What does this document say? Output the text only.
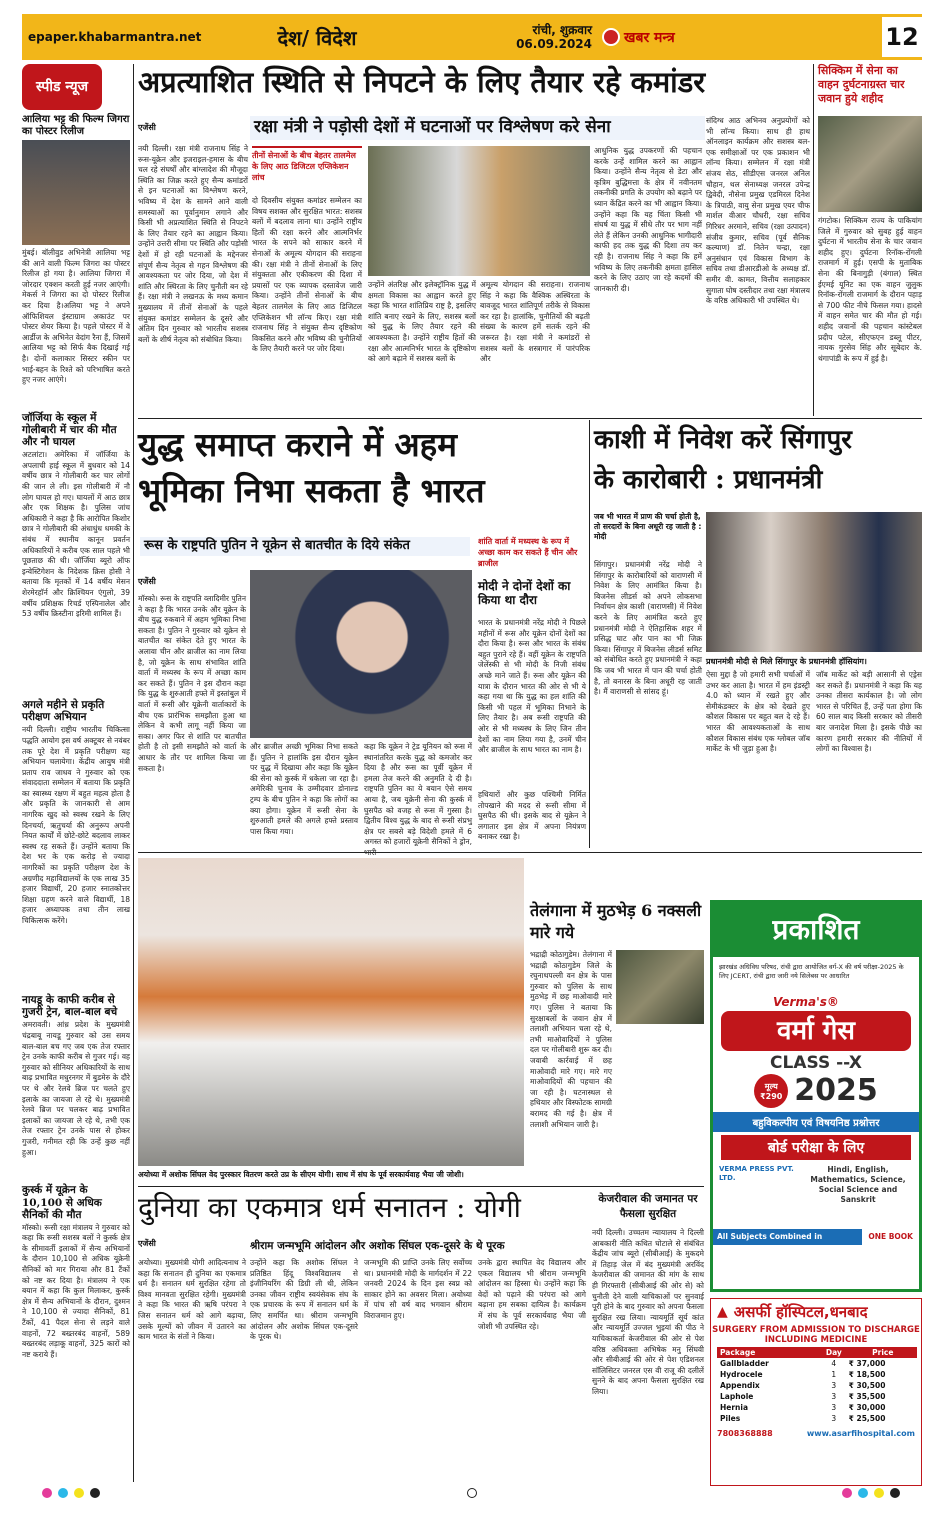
epaper.khabarmantra.net	देश/ विदेश	रांची, शुक्रवार
06.09.2024 खबर मन्त्र	12
स्पीड न्यूज
आलिया भट्ट की फिल्म जिगरा का पोस्टर रिलीज
मुंबई। बॉलीवुड अभिनेत्री आलिया भट्ट की आने वाली फिल्म जिगरा का पोस्टर रिलीज हो गया है। आलिया जिगरा में जोरदार एक्शन करती हुई नजर आएंगी। मेकर्स ने जिगरा का दो पोस्टर रिलीज कर दिया है।अलिया भट्ट ने अपने ऑफिशियल इंस्टाग्राम अकाउंट पर पोस्टर शेयर किया है। पहले पोस्टर में वे आर्डीज के अभिनेत वेदांग रैना हैं, जिसमें आलिया भट्ट को सिर्फ बैक दिखाई गई है। दोनों कलाकार सिस्टर स्कीन पर भाई-बहन के रिश्ते को परिभाषित करते हुए नजर आएंगे।
जॉर्जिया के स्कूल में गोलीबारी में चार की मौत और नौ घायल
अटलांटा। अमेरिका में जॉर्जिया के अपलाची हाई स्कूल में बुधवार को 14 वर्षीय छात्र ने गोलीबारी कर चार लोगों की जान ले ली। इस गोलीबारी में नौ लोग घायल हो गए। घायलों में आठ छात्र और एक शिक्षक है। पुलिस जांच अधिकारी ने कहा है कि आरोपित किशोर छात्र ने गोलीबारी की अंधाधुंध धमकी के संबंध में स्थानीय कानून प्रवर्तन अधिकारियों ने करीब एक साल पहले भी पूछताछ की थी। जॉर्जिया ब्यूरो ऑफ इन्वेस्टिगेशन के निदेशक क्रिस होसी ने बताया कि मृतकों में 14 वर्षीय मेसन शेरमेरहॉर्न और क्रिश्चियन एंगुलो, 39 वर्षीय प्रशिक्षक रिचर्ड एस्पिनालेल और 53 वर्षीय क्रिस्टीना इरिमी शामिल हैं।
अगले महीने से प्रकृति परीक्षण अभियान
नयी दिल्ली। राष्ट्रीय भारतीय चिकित्सा पद्धति आयोग इस वर्ष अक्टूबर से नवंबर तक पूरे देश में प्रकृति परीक्षण यह अभियान चलायेगा। केंद्रीय आयुष मंत्री प्रताप राव जाधव ने गुरुवार को एक संवाददाता सम्मेलन में बताया कि प्रकृति का स्वास्थ्य रक्षण में बहुत महत्व होता है और प्रकृति के जानकारी से आम नागरिक खुद को स्वस्थ रखने के लिए दिनचर्या, ऋतुचर्या की अनुरूप अपनी नियत कार्यों में छोटे-छोटे बदलाव लाकर स्वस्थ रह सकते हैं। उन्होंने बताया कि देश भर के एक करोड़ से ज्यादा नागरिकों का प्रकृति परीक्षण देश के अग्रणीद महाविद्यालयों के एक लाख 35 हजार विद्यार्थी, 20 हजार स्नातकोत्तर शिक्षा ग्रहण करने वाले विद्यार्थी, 18 हजार अध्यापक तथा तीन लाख चिकित्सक करेंगे।
नायडू के काफी करीब से गुजरी ट्रेन, बाल-बाल बचे
अमरावती। आंध्र प्रदेश के मुख्यमंत्री चंद्रबाबू नायडू गुरुवार को उस समय बाल-बाल बच गए जब एक तेज रफ्तार ट्रेन उनके काफी करीब से गुजर गई। वह गुरुवार को सीनियर अधिकारियों के साथ बाढ़ प्रभावित मधुरनगर में बुडमेरु के दौरे पर थे और रेलवे ब्रिज पर चलते हुए इलाके का जायजा ले रहे थे। मुख्यमंत्री रेलवे ब्रिज पर चलकर बाढ़ प्रभावित इलाकों का जायजा ले रहे थे, तभी एक तेज रफ्तार ट्रेन उनके पास से होकर गुजरी, गनीमत रही कि उन्हें कुछ नहीं हुआ।
कुर्स्क में यूक्रेन के 10,100 से अधिक सैनिकों की मौत
मॉस्को। रूसी रक्षा मंत्रालय ने गुरुवार को कहा कि रूसी सशस्त्र बलों ने कुर्स्क क्षेत्र के सीमावर्ती इलाकों में सैन्य अभियानों के दौरान 10,100 से अधिक यूक्रेनी सैनिकों को मार गिराया और 81 टैंकों को नष्ट कर दिया है। मंत्रालय ने एक बयान में कहा कि कुल मिलाकर, कुर्स्क क्षेत्र में सैन्य अभियानों के दौरान, दुश्मन ने 10,100 से ज्यादा सैनिकों, 81 टैंकों, 41 पैदल सेना से लड़ने वाले वाहनों, 72 बख्तरबंद वाहनों, 589 बख्तरबंद लड़ाकू वाहनों, 325 कारों को नष्ट कराये हैं।
अप्रत्याशित स्थिति से निपटने के लिए तैयार रहे कमांडर
रक्षा मंत्री ने पड़ोसी देशों में घटनाओं पर विश्लेषण करे सेना
एजेंसी
नयी दिल्ली। रक्षा मंत्री राजनाथ सिंह ने रूस-यूक्रेन और इजराइल-हमास के बीच चल रहे संघर्षों और बांग्लादेश की मौजूदा स्थिति का जिक्र करते हुए सैन्य कमांडरों से इन घटनाओं का विश्लेषण करने, भविष्य में देश के सामने आने वाली समस्याओं का पूर्वानुमान लगाने और किसी भी अप्रत्याशित स्थिति से निपटने के लिए तैयार रहने का आह्वान किया। उन्होंने उत्तरी सीमा पर स्थिति और पड़ोसी देशों में हो रही घटनाओं के मद्देनजर संपूर्ण सैन्य नेतृत्व से गहन विश्लेषण की आवश्यकता पर जोर दिया, जो देश में शांति और स्थिरता के लिए चुनौती बन रहे हैं। रक्षा मंत्री ने लखनऊ के मध्य कमान मुख्यालय में तीनों सेनाओं के पहले संयुक्त कमांडर सम्मेलन के दूसरे और अंतिम दिन गुरुवार को भारतीय सशस्त्र बलों के शीर्ष नेतृत्व को संबोधित किया।
तीनों सेनाओं के बीच बेहतर तालमेल के लिए आठ डिजिटल एप्लिकेशन लांच
दो दिवसीय संयुक्त कमांडर सम्मेलन का विषय सशक्त और सुरक्षित भारत: सशस्त्र बलों में बदलाव लाना था। उन्होंने राष्ट्रीय हितों की रक्षा करने और आत्मनिर्भर भारत के सपने को साकार करने में सेनाओं के अमूल्य योगदान की सराहना की। रक्षा मंत्री ने तीनों सेनाओं के लिए संयुक्तता और एकीकरण की दिशा में प्रयासों पर एक व्यापक दस्तावेज जारी किया। उन्होंने तीनों सेनाओं के बीच बेहतर तालमेल के लिए आठ डिजिटल एप्लिकेशन भी लॉन्च किए। रक्षा मंत्री राजनाथ सिंह ने संयुक्त सैन्य दृष्टिकोण विकसित करने और भविष्य की चुनौतियों के लिए तैयारी करने पर जोर दिया।
उन्होंने अंतरिक्ष और इलेक्ट्रॉनिक युद्ध में क्षमता विकास का आह्वान करते हुए कहा कि भारत शांतिप्रिय राष्ट्र है, इसलिए शांति बनाए रखने के लिए, सशस्त्र बलों को युद्ध के लिए तैयार रहने की आवश्यकता है। उन्होंने राष्ट्रीय हितों की रक्षा और आत्मनिर्भर भारत के दृष्टिकोण को आगे बढ़ाने में सशस्त्र बलों के
अमूल्य योगदान की सराहना। राजनाथ सिंह ने कहा कि वैश्विक अस्थिरता के बावजूद भारत शांतिपूर्ण तरीके से विकास कर रहा है। हालांकि, चुनौतियों की बढ़ती संख्या के कारण हमें सतर्क रहने की जरूरत है। रक्षा मंत्री ने कमांडरों से सशस्त्र बलों के शस्त्रागार में पारंपरिक और
आधुनिक युद्ध उपकरणों की पहचान करके उन्हें शामिल करने का आह्वान किया। उन्होंने सैन्य नेतृत्व से डेटा और कृत्रिम बुद्धिमत्ता के क्षेत्र में नवीनतम तकनीकी प्रगति के उपयोग को बढ़ाने पर ध्यान केंद्रित करने का भी आह्वान किया। उन्होंने कहा कि यह चिंता किसी भी संघर्ष या युद्ध में सीधे तौर पर भाग नहीं लेते हैं लेकिन उनकी आधुनिक भागीदारी काफी हद तक युद्ध की दिशा तय कर रही है। राजनाथ सिंह ने कहा कि हमें भविष्य के लिए तकनीकी क्षमता हासिल करने के लिए उठाए जा रहे कदमों की जानकारी दी।
संदिग्ध आठ अभिनव अनुप्रयोगों को भी लॉन्च किया। साथ ही हाथ ऑनलाइन कार्यक्रम और सशस्त्र बल-एक समीक्षाओं पर एक प्रकाशन भी लॉन्च किया। सम्मेलन में रक्षा मंत्री संजय सेठ, सीडीएस जनरल अनिल चौहान, थल सेनाध्यक्ष जनरल उपेन्द्र द्विवेदी, नौसेना प्रमुख एडमिरल दिनेश के त्रिपाठी, वायु सेना प्रमुख एयर चीफ मार्शल वीआर चौधरी, रक्षा सचिव गिरिधर अरमाने, सचिव (रक्षा उत्पादन) संजीव कुमार, सचिव (पूर्व सैनिक कल्याण) डॉ. नितेन चन्द्रा, रक्षा अनुसंधान एवं विकास विभाग के सचिव तथा डीआरडीओ के अध्यक्ष डॉ. समीर वी. कामत, वित्तीय सलाहकार सुगाता घोष दस्तीदार तथा रक्षा मंत्रालय के वरिष्ठ अधिकारी भी उपस्थित थे।
सिक्किम में सेना का वाहन दुर्घटनाग्रस्त चार जवान हुये शहीद
गंगटोक। सिक्किम राज्य के पाकियांग जिले में गुरुवार को सुबह हुई वाहन दुर्घटना में भारतीय सेना के चार जवान शहीद हुए। दुर्घटना रिनॉक-रोंगली राजमार्ग में हुई। एसपी के मुताबिक सेना की बिनागुड़ी (बंगाल) स्थित ईएमई यूनिट का एक वाहन जुलुक रिनॉक-रोंगली राजमार्ग के दौरान पहाड़ से 700 फीट नीचे फिसल गया। हादसे में वाहन समेत चार की मौत हो गई। शहीद जवानों की पहचान कांस्टेबल प्रदीप पटेल, सीएफएन डब्लू पीटर, नायक गुरसेव सिंह और सूबेदार के. थंगापांडी के रूप में हुई है।
युद्ध समाप्त कराने में अहम
भूमिका निभा सकता है भारत
रूस के राष्ट्रपति पुतिन ने यूक्रेन से बातचीत के दिये संकेत
एजेंसी
मॉस्को। रूस के राष्ट्रपति व्लादिमीर पुतिन ने कहा है कि भारत उनके और यूक्रेन के बीच युद्ध रुकवाने में अहम भूमिका निभा सकता है। पुतिन ने गुरुवार को यूक्रेन से बातचीत का संकेत देते हुए भारत के अलावा चीन और ब्राजील का नाम लिया है, जो यूक्रेन के साथ संभावित शांति वार्ता में मध्यस्थ के रूप में अच्छा काम कर सकते हैं। पुतिन ने इस दौरान कहा कि युद्ध के शुरुआती हफ्ते में इस्तांबुल में वार्ता में रूसी और यूक्रेनी वार्ताकारों के बीच एक प्रारंभिक समझौता हुआ था लेकिन वे कभी लागू नहीं किया जा सका। अगर फिर से शांति पर बातचीत होती है तो इसी समझौते को वार्ता के आधार के तौर पर शामिल किया जा सकता है।
और ब्राजील अच्छी भूमिका निभा सकते हैं। पुतिन ने हालांकि इस दौरान यूक्रेन पर युद्ध में दिखाया और कहा कि यूक्रेन की सेना को कुर्स्क में धकेला जा रहा है। अमेरिकी चुनाव के उम्मीदवार डोनाल्ड ट्रम्प के बीच पुतिन ने कहा कि लोगों का क्या होगा। यूक्रेन में रूसी सेना के शुरुआती हमले की अगले हफ्ते प्रस्ताव पास किया गया।
कहा कि यूक्रेन ने ट्रेड यूनियन को रूस में स्थानांतरित करके युद्ध को कमजोर कर दिया है और रूस का पूर्वी यूक्रेन में हमला तेज करने की अनुमति दे दी है। राष्ट्रपति पुतिन का ये बयान ऐसे समय आया है, जब यूक्रेनी सेना की कुर्स्क में घुसपैठ को वजह से रूस में गुस्सा है। द्वितीय विश्व युद्ध के बाद से रूसी संप्रभु क्षेत्र पर सबसे बड़े विदेशी हमले में 6 अगस्त को हजारों यूक्रेनी सैनिकों ने ड्रोन,
शांति वार्ता में मध्यस्थ के रूप में अच्छा काम कर सकते हैं चीन और ब्राजील
मोदी ने दोनों देशों का किया था दौरा
भारत के प्रधानमंत्री नरेंद्र मोदी ने पिछले महीनों में रूस और यूक्रेन दोनों देशों का दौरा किया है। रूस और भारत के संबंध बहुत पुराने रहे हैं। वहीं यूक्रेन के राष्ट्रपति जेलेंस्की से भी मोदी के निजी संबंध अच्छे माने जाते हैं। रूस और यूक्रेन की यात्रा के दौरान भारत की ओर से भी ये कहा गया था कि युद्ध का हल शांति की किसी भी पहल में भूमिका निभाने के लिए तैयार है। अब रूसी राष्ट्रपति की ओर से भी मध्यस्थ के लिए जिन तीन देशों का नाम लिया गया है, उनमें चीन और ब्राजील के साथ भारत का नाम है।
हथियारों और कुछ पश्चिमी निर्मित तोपखाने की मदद से रूसी सीमा में घुसपैठ की थी। इसके बाद से यूक्रेन ने लगातार इस क्षेत्र में अपना नियंत्रण बनाकर रखा है।
काशी में निवेश करें सिंगापुर
के कारोबारी : प्रधानमंत्री
जब भी भारत में प्राण की चर्चा होती है, तो सरदारों के बिना अधूरी रह जाती है : मोदी
सिंगापुर। प्रधानमंत्री नरेंद्र मोदी ने सिंगापुर के कारोबारियों को वाराणसी में निवेश के लिए आमंत्रित किया है। बिजनेस लीडर्स को अपने लोकसभा निर्वाचन क्षेत्र काशी (वाराणसी) में निवेश करने के लिए आमंत्रित करते हुए प्रधानमंत्री मोदी ने ऐतिहासिक शहर में प्रसिद्ध घाट और पान का भी जिक्र किया। सिंगापुर में बिजनेस लीडर्स समिट को संबोधित करते हुए प्रधानमंत्री ने कहा कि जब भी भारत में पान की चर्चा होती है, तो बनारस के बिना अधूरी रह जाती है। मैं वाराणसी से सांसद हूं।
प्रधानमंत्री मोदी से मिले सिंगापुर के प्रधानमंत्री हॉसियांग।
ऐसा मुद्दा है जो हमारी सभी चर्चाओं में उभर कर आता है। भारत में हम इंडस्ट्री 4.0 को ध्यान में रखते हुए और सेमीकंडक्टर के क्षेत्र को देखते हुए कौशल विकास पर बहुत बल दे रहे हैं। भारत की आवश्यकताओं के साथ कौशल विकास संबंध एक ग्लोबल जॉब मार्केट के भी जुड़ा हुआ है।
जॉब मार्केट को बड़ी आसानी से एड्रेस कर सकते हैं। प्रधानमंत्री ने कहा कि यह उनका तीसरा कार्यकाल है। जो लोग भारत से परिचित हैं, उन्हें पता होगा कि 60 साल बाद किसी सरकार को तीसरी बार जनादेश मिला है। इसके पीछे का कारण हमारी सरकार की नीतियों में लोगों का विश्वास है।
अयोध्या में अशोक सिंघल वेद पुरस्कार वितरण करते उप्र के सीएम योगी। साथ में संघ के पूर्व सरकार्यवाह भैया जी जोशी।
तेलंगाना में मुठभेड़ 6 नक्सली मारे गये
भद्राद्री कोठागुडेम। तेलंगाना में भद्राद्री कोठागुडेम जिले के रघुनाथपल्ली वन क्षेत्र के पास गुरुवार को पुलिस के साथ मुठभेड़ में छह माओवादी मारे गए। पुलिस ने बताया कि सुरक्षाबलों के जवान क्षेत्र में तलाशी अभियान चला रहे थे, तभी माओवादियों ने पुलिस दल पर गोलीबारी शुरू कर दी। जवाबी कार्रवाई में छह माओवादी मारे गए। मारे गए माओवादियों की पहचान की जा रही है। घटनास्थल से हथियार और विस्फोटक सामग्री बरामद की गई है। क्षेत्र में तलाशी अभियान जारी है।
दुनिया का एकमात्र धर्म सनातन : योगी
एजेंसी	श्रीराम जन्मभूमि आंदोलन और अशोक सिंघल एक-दूसरे के थे पूरक
अयोध्या। मुख्यमंत्री योगी आदित्यनाथ ने कहा कि सनातन ही दुनिया का एकमात्र धर्म है। सनातन धर्म सुरक्षित रहेगा तो विश्व मानवता सुरक्षित रहेगी। मुख्यमंत्री ने कहा कि भारत की ऋषि परंपरा ने जिस सनातन धर्म को आगे बढ़ाया, उसके मूल्यों को जीवन में उतारने का काम भारत के संतों ने किया।
उन्होंने कहा कि अशोक सिंघल ने प्रतिष्ठित हिंदू विश्वविद्यालय से इंजीनियरिंग की डिग्री ली थी, लेकिन उनका जीवन राष्ट्रीय स्वयंसेवक संघ के एक प्रचारक के रूप में सनातन धर्म के लिए समर्पित था। श्रीराम जन्मभूमि आंदोलन और अशोक सिंघल एक-दूसरे के पूरक थे।
जन्मभूमि की प्राप्ति उनके लिए सर्वोच्च था। प्रधानमंत्री मोदी के मार्गदर्शन में 22 जनवरी 2024 के दिन इस स्वप्न को साकार होने का अवसर मिला। अयोध्या में पांच सौ वर्ष बाद भगवान श्रीराम विराजमान हुए।
उनके द्वारा स्थापित वेद विद्यालय और एकल विद्यालय भी श्रीराम जन्मभूमि आंदोलन का हिस्सा थे। उन्होंने कहा कि वेदों को पढ़ाने की परंपरा को आगे बढ़ाना हम सबका दायित्व है। कार्यक्रम में संघ के पूर्व सरकार्यवाह भैया जी जोशी भी उपस्थित रहे।
केजरीवाल की जमानत पर फैसला सुरक्षित
नयी दिल्ली। उच्चतम न्यायालय ने दिल्ली आबकारी नीति कथित घोटाले से संबंधित केंद्रीय जांच ब्यूरो (सीबीआई) के मुकदमे में तिहाड़ जेल में बंद मुख्यमंत्री अरविंद केजरीवाल की जमानत की मांग के साथ ही गिरफ्तारी (सीबीआई की ओर से) को चुनौती देने वाली याचिकाओं पर सुनवाई पूरी होने के बाद गुरुवार को अपना फैसला सुरक्षित रख लिया। न्यायमूर्ति सूर्य कांत और न्यायमूर्ति उज्जल भुइयां की पीठ ने याचिकाकर्ता केजरीवाल की ओर से पेश वरिष्ठ अधिवक्ता अभिषेक मनु सिंघवी और सीबीआई की ओर से पेश एडिशनल सॉलिसिटर जनरल एस वी राजू की दलीलें सुनने के बाद अपना फैसला सुरक्षित रख लिया।
प्रकाशित
झारखंड अधिविध परिषद, रांची द्वारा आयोजित वर्ग-X की वर्ष परीक्षा-2025 के लिए JCERT, रांची द्वारा जारी नये सिलेबस पर आधारित
Verma's®
वर्मा गेस
CLASS --X
मूल्य ₹290 2025
बहुविकल्पीय एवं विषयनिष्ठ प्रश्नोत्तर
बोर्ड परीक्षा के लिए
VERMA PRESS PVT. LTD.
Hindi, English, Mathematics, Science, Social Science and Sanskrit
All Subjects Combined in	ONE BOOK
▲ असर्फी हॉस्पिटल,धनबाद
SURGERY FROM ADMISSION TO DISCHARGE
INCLUDING MEDICINE
Package	Day	Price
Gallbladder	4	₹ 37,000
Hydrocele	1	₹ 18,500
Appendix	3	₹ 30,500
Laphole	3	₹ 35,500
Hernia	3	₹ 30,000
Piles	3	₹ 25,500
7808368888	www.asarfihospital.com
